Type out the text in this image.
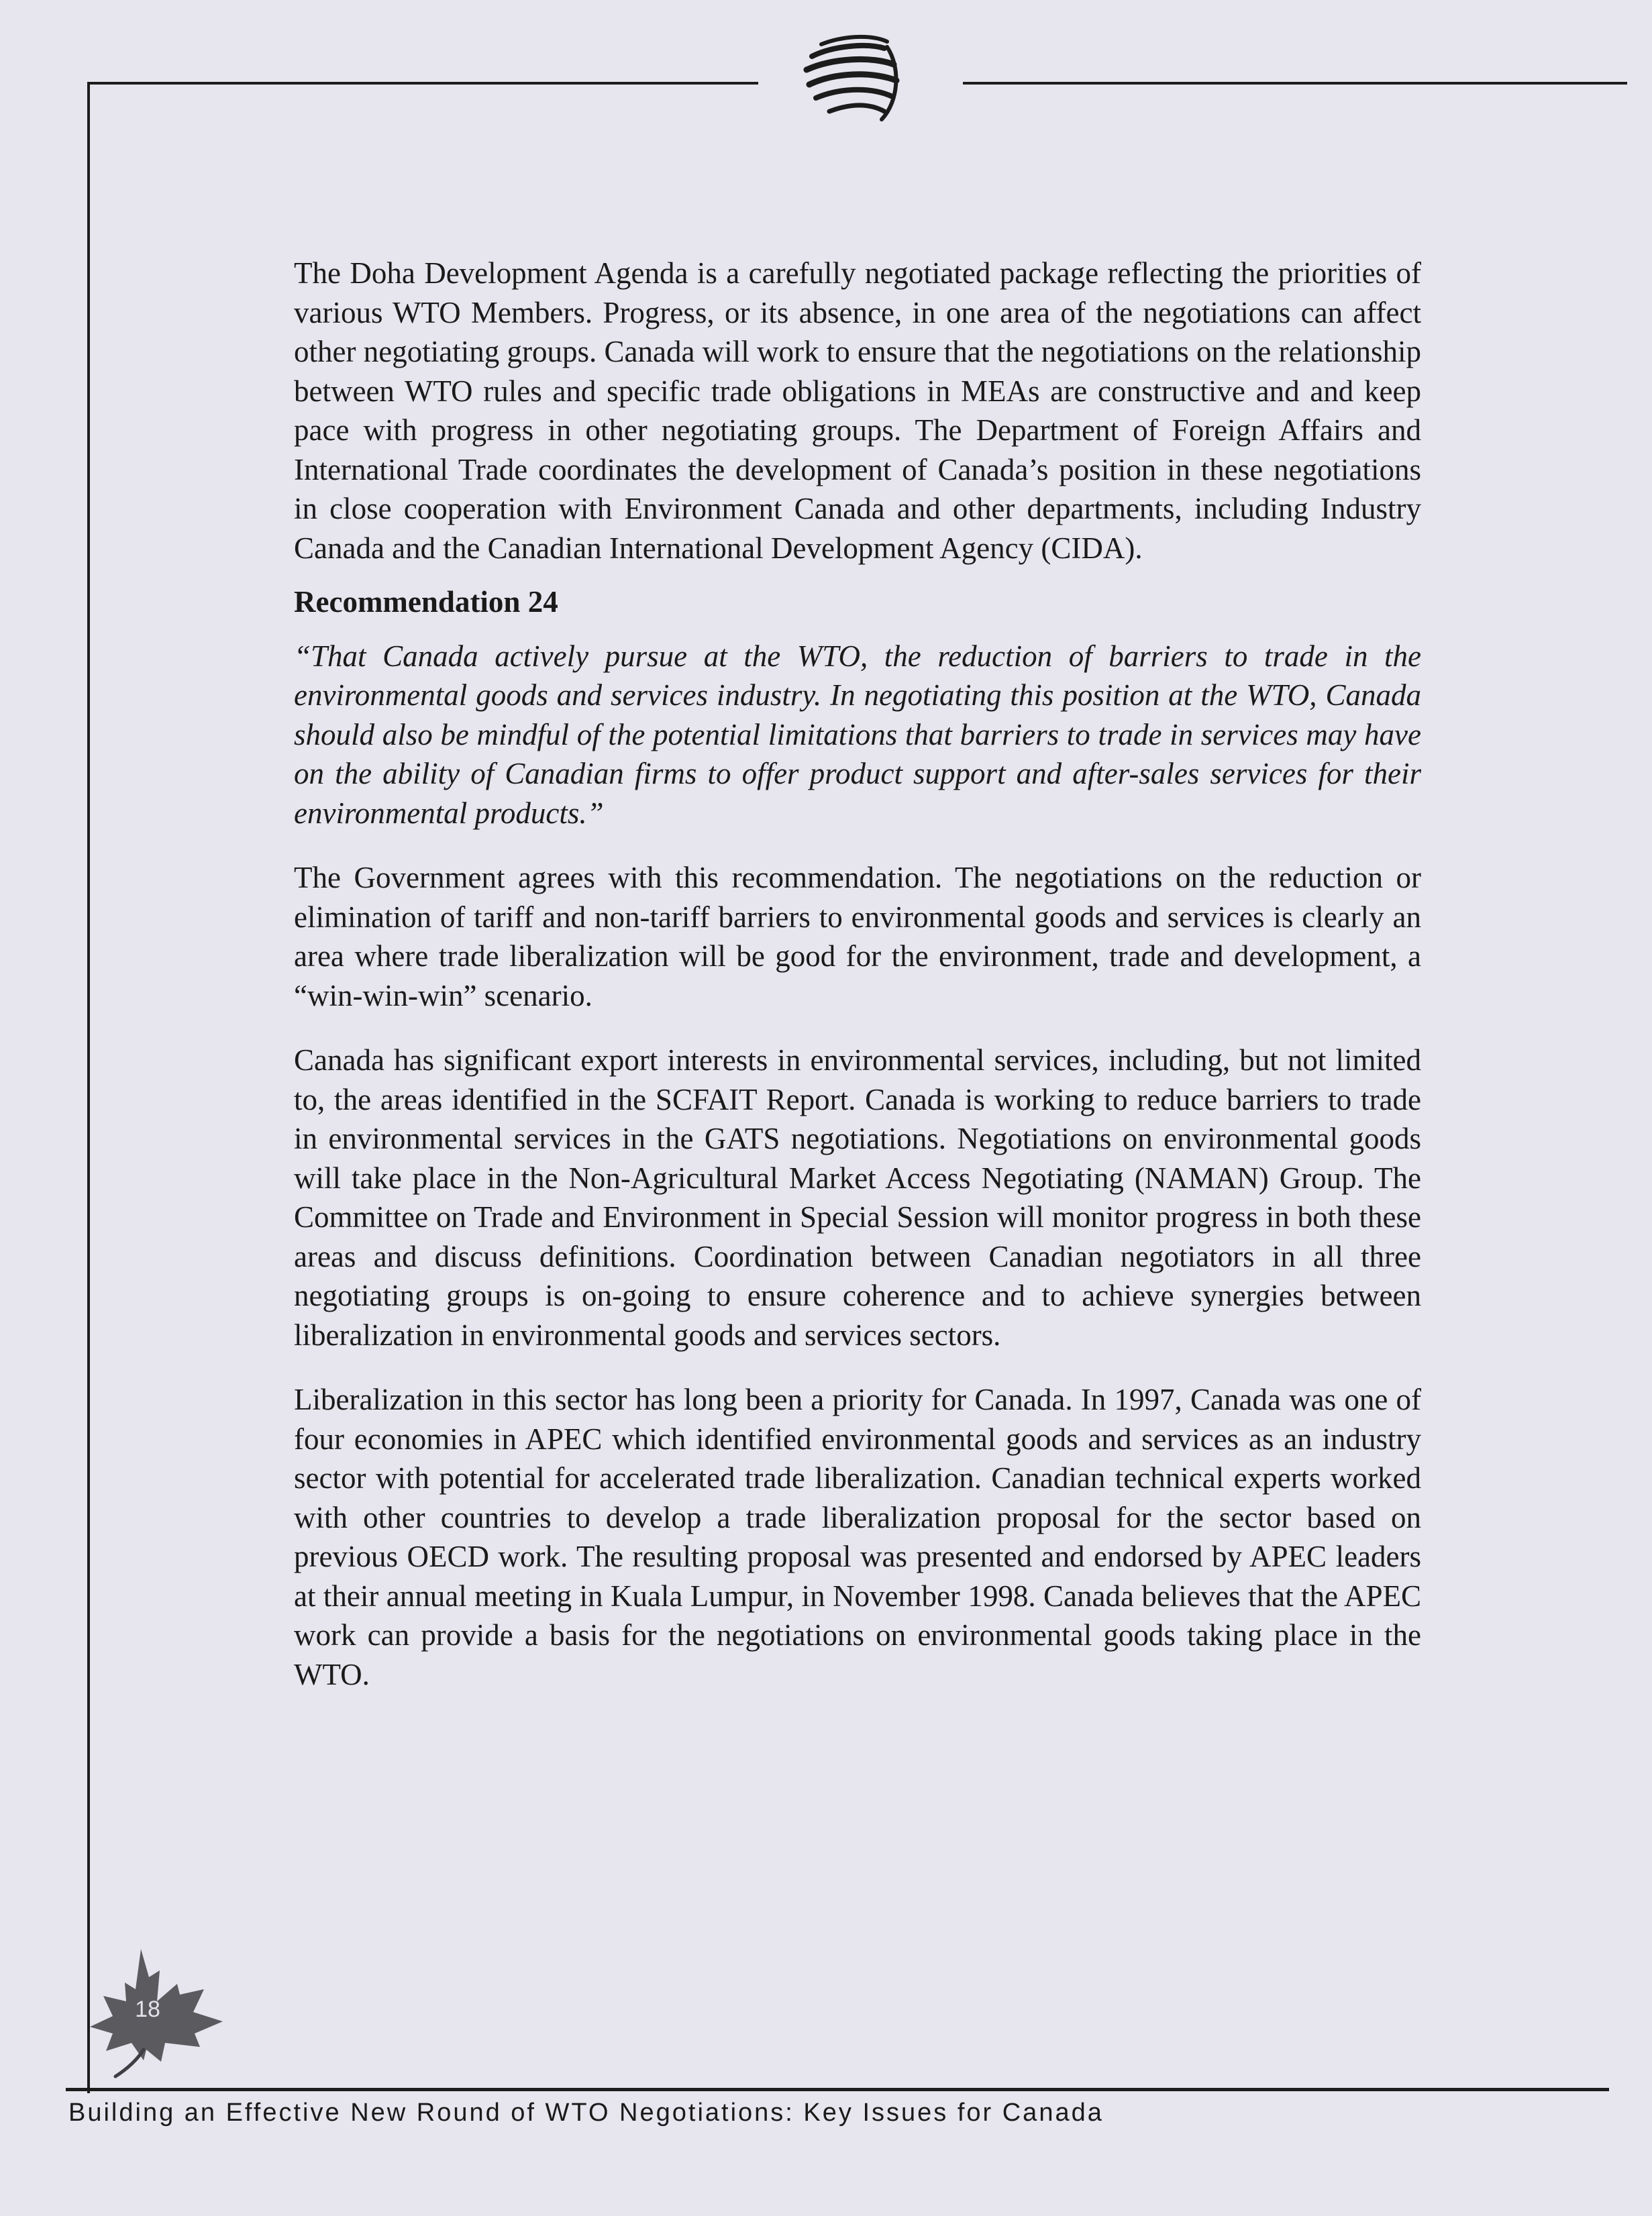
The Doha Development Agenda is a carefully negotiated package reflecting the priorities of various WTO Members. Progress, or its absence, in one area of the negotiations can affect other negotiating groups. Canada will work to ensure that the negotiations on the relationship between WTO rules and specific trade obligations in MEAs are constructive and and keep pace with progress in other negotiating groups. The Department of Foreign Affairs and International Trade coordinates the development of Canada’s position in these negotiations in close cooperation with Environment Canada and other departments, including Industry Canada and the Canadian International Development Agency (CIDA).

Recommendation 24

“That Canada actively pursue at the WTO, the reduction of barriers to trade in the environmental goods and services industry. In negotiating this position at the WTO, Canada should also be mindful of the potential limitations that barriers to trade in services may have on the ability of Canadian firms to offer product support and after-sales services for their environmental products.”

The Government agrees with this recommendation. The negotiations on the reduction or elimination of tariff and non-tariff barriers to environmental goods and services is clearly an area where trade liberalization will be good for the environment, trade and development, a “win-win-win” scenario.

Canada has significant export interests in environmental services, including, but not limited to, the areas identified in the SCFAIT Report. Canada is working to reduce barriers to trade in environmental services in the GATS negotiations. Negotiations on environmental goods will take place in the Non-Agricultural Market Access Negotiating (NAMAN) Group. The Committee on Trade and Environment in Special Session will monitor progress in both these areas and discuss definitions. Coordination between Canadian negotiators in all three negotiating groups is on-going to ensure coherence and to achieve synergies between liberalization in environmental goods and services sectors.

Liberalization in this sector has long been a priority for Canada. In 1997, Canada was one of four economies in APEC which identified environmental goods and services as an industry sector with potential for accelerated trade liberalization. Canadian technical experts worked with other countries to develop a trade liberalization proposal for the sector based on previous OECD work. The resulting proposal was presented and endorsed by APEC leaders at their annual meeting in Kuala Lumpur, in November 1998. Canada believes that the APEC work can provide a basis for the negotiations on environmental goods taking place in the WTO.

18
Building an Effective New Round of WTO Negotiations: Key Issues for Canada
